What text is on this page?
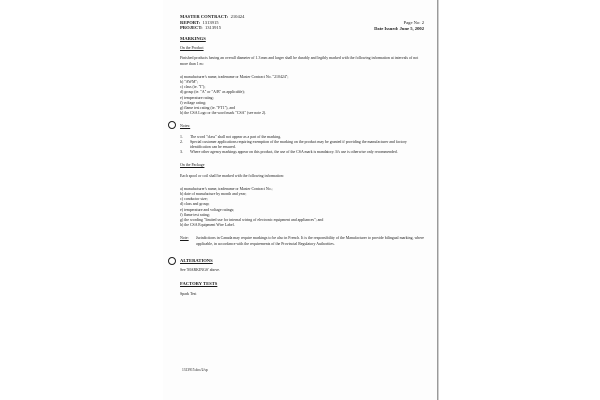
MASTER CONTRACT: 210424
REPORT: 1313915
PROJECT: 1313915
Page No: 2
Date Issued: June 5, 2002

MARKINGS

On the Product

Finished products having an overall diameter of 1.3 mm and larger shall be durably and legibly marked with the following information at intervals of not more than 1 m:

a) manufacturer's name, tradename or Master Contract No. "210424";

b) "AWM";

c) class (ie. "I");

d) group (ie. "A" or "A/B" as applicable);

e) temperature rating;

f) voltage rating;

g) flame test rating (ie. "FT1"), and

h) the CSA Logo or the word mark "CSA" (see note 2).

Notes:

1.	The word "class" shall not appear as a part of the marking.
2.	Special customer applications requiring exemption of the marking on the product may be granted if providing the manufacturer and factory identification can be ensured.
3.	Where other agency markings appear on this product, the use of the CSA mark is mandatory. It's use is otherwise only recommended.

On the Package

Each spool or coil shall be marked with the following information:

a) manufacturer's name, tradename or Master Contract No.;

b) date of manufacture by month and year;

c) conductor size;

d) class and group;

e) temperature and voltage ratings;

f) flame test rating;

g) the wording "limited use for internal wiring of electronic equipment and appliances"; and

h) the CSA Equipment Wire Label.

Note:	Jurisdictions in Canada may require markings to be also in French. It is the responsibility of the Manufacturer to provide bilingual marking, where applicable, in accordance with the requirements of the Provincial Regulatory Authorities.

ALTERATIONS

See 'MARKINGS' above.

FACTORY TESTS

Spark Test

1313915.doc/2/sp
